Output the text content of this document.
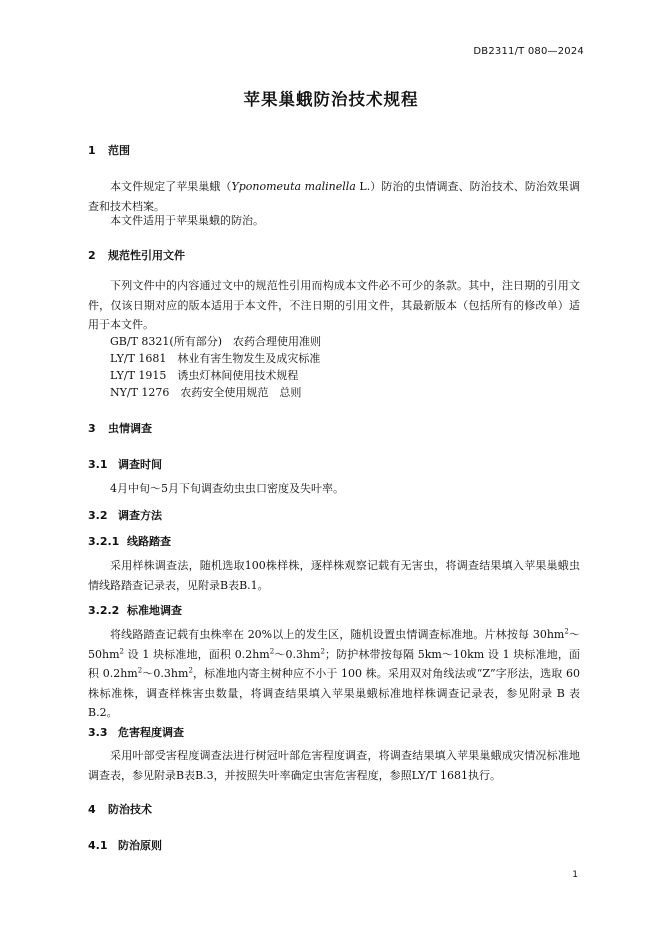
DB2311/T 080—2024
苹果巢蛾防治技术规程
1 范围
本文件规定了苹果巢蛾（Yponomeuta malinella L.）防治的虫情调查、防治技术、防治效果调查和技术档案。
本文件适用于苹果巢蛾的防治。
2 规范性引用文件
下列文件中的内容通过文中的规范性引用而构成本文件必不可少的条款。其中，注日期的引用文件，仅该日期对应的版本适用于本文件，不注日期的引用文件，其最新版本（包括所有的修改单）适用于本文件。
GB/T 8321(所有部分)　 农药合理使用准则
LY/T 1681　 林业有害生物发生及成灾标准
LY/T 1915　 诱虫灯林间使用技术规程
NY/T 1276　 农药安全使用规范　总则
3 虫情调查
3.1 调查时间
4月中旬～5月下旬调查幼虫虫口密度及失叶率。
3.2 调查方法
3.2.1 线路踏查
采用样株调查法，随机选取100株样株，逐样株观察记载有无害虫，将调查结果填入苹果巢蛾虫情线路踏查记录表，见附录B表B.1。
3.2.2 标准地调查
将线路踏查记载有虫株率在 20%以上的发生区，随机设置虫情调查标准地。片林按每 $30hm^2\sim 50hm^2$ 设 1 块标准地，面积 $0.2hm^2\sim 0.3hm^2$；防护林带按每隔 5km～10km 设 1 块标准地，面积 $0.2hm^2\sim 0.3hm^2$，标准地内寄主树种应不小于 100 株。采用双对角线法或“Z”字形法，选取 60 株标准株，调查样株害虫数量，将调查结果填入苹果巢蛾标准地样株调查记录表，参见附录 B 表B.2。
3.3 危害程度调查
采用叶部受害程度调查法进行树冠叶部危害程度调查，将调查结果填入苹果巢蛾成灾情况标准地调查表，参见附录B表B.3，并按照失叶率确定虫害危害程度，参照LY/T 1681执行。
4 防治技术
4.1 防治原则
1
